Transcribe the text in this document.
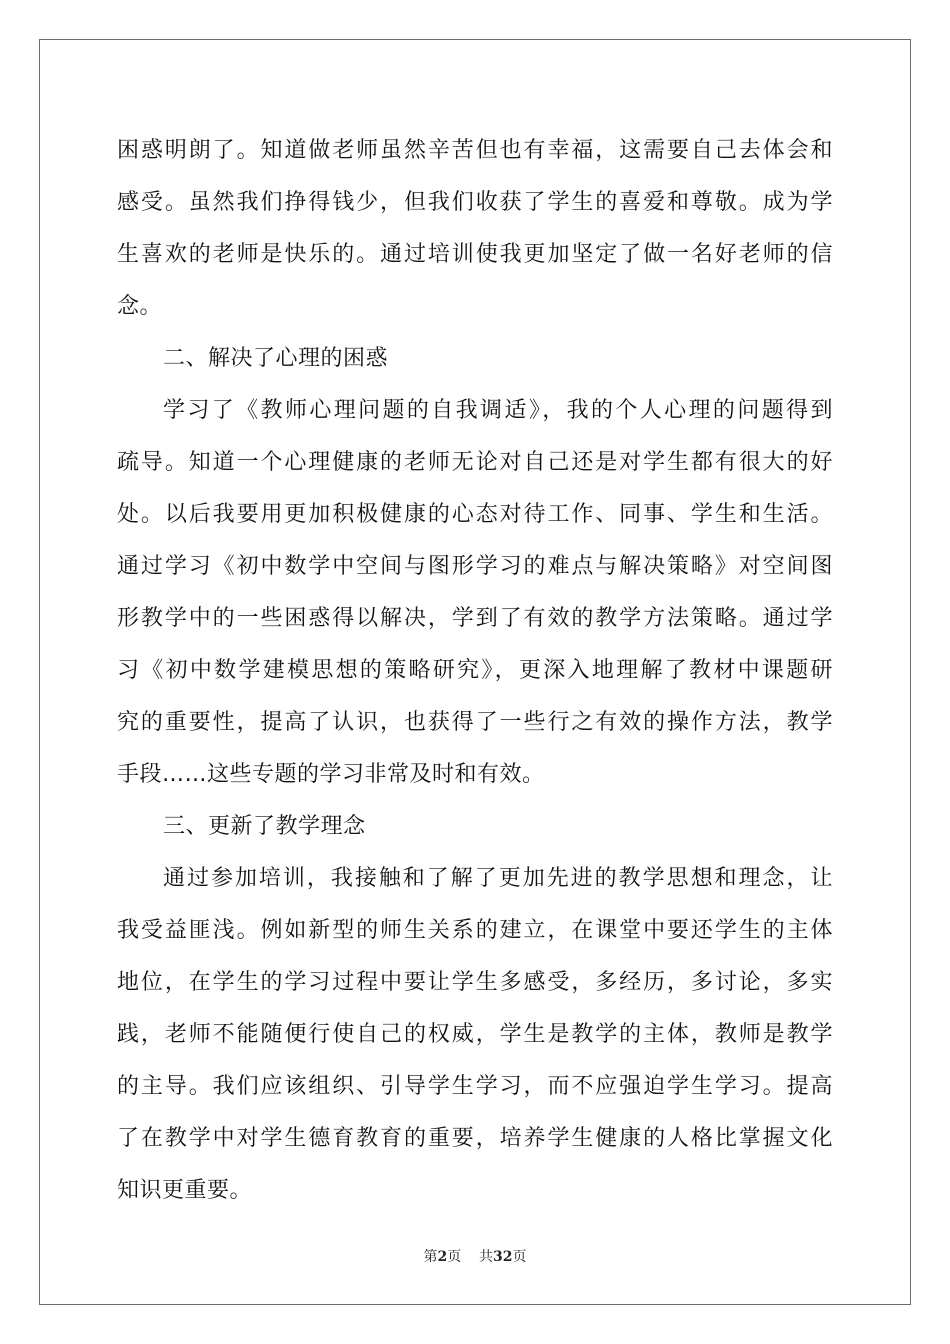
困惑明朗了。知道做老师虽然辛苦但也有幸福，这需要自己去体会和
感受。虽然我们挣得钱少，但我们收获了学生的喜爱和尊敬。成为学
生喜欢的老师是快乐的。通过培训使我更加坚定了做一名好老师的信
念。
二、解决了心理的困惑
学习了《教师心理问题的自我调适》，我的个人心理的问题得到
疏导。知道一个心理健康的老师无论对自己还是对学生都有很大的好
处。以后我要用更加积极健康的心态对待工作、同事、学生和生活。
通过学习《初中数学中空间与图形学习的难点与解决策略》对空间图
形教学中的一些困惑得以解决，学到了有效的教学方法策略。通过学
习《初中数学建模思想的策略研究》，更深入地理解了教材中课题研
究的重要性，提高了认识，也获得了一些行之有效的操作方法，教学
手段……这些专题的学习非常及时和有效。
三、更新了教学理念
通过参加培训，我接触和了解了更加先进的教学思想和理念，让
我受益匪浅。例如新型的师生关系的建立，在课堂中要还学生的主体
地位，在学生的学习过程中要让学生多感受，多经历，多讨论，多实
践，老师不能随便行使自己的权威，学生是教学的主体，教师是教学
的主导。我们应该组织、引导学生学习，而不应强迫学生学习。提高
了在教学中对学生德育教育的重要，培养学生健康的人格比掌握文化
知识更重要。
第2页 共32页
